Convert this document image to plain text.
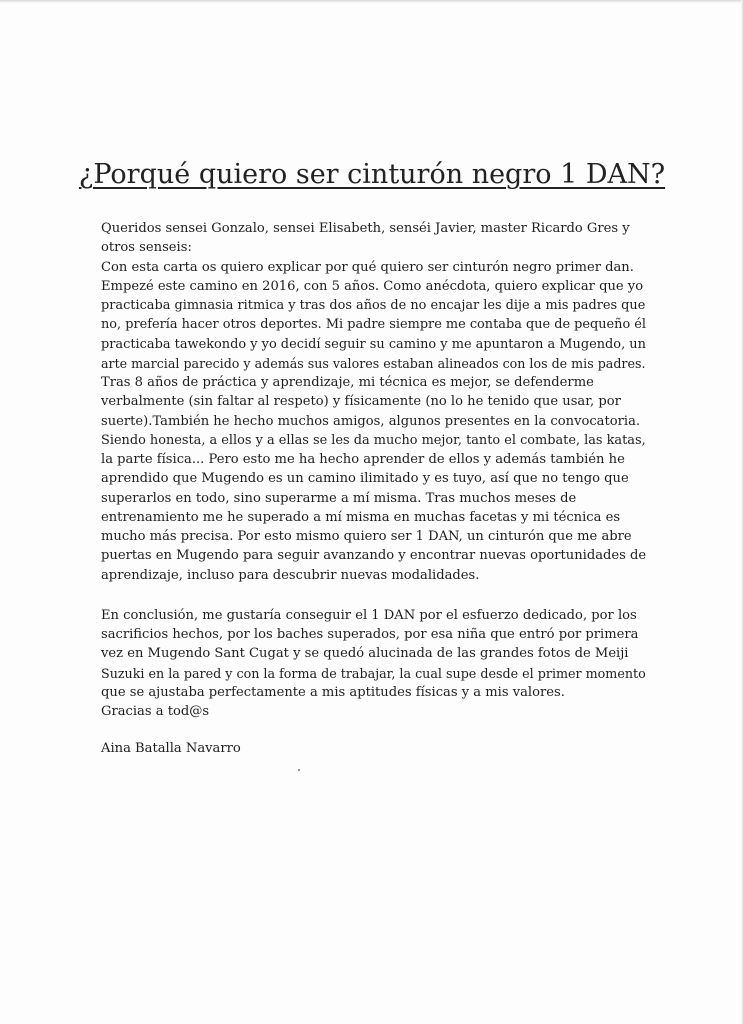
¿Porqué quiero ser cinturón negro 1 DAN?
Queridos sensei Gonzalo, sensei Elisabeth, senséi Javier, master Ricardo Gres y
otros senseis:
Con esta carta os quiero explicar por qué quiero ser cinturón negro primer dan.
Empezé este camino en 2016, con 5 años. Como anécdota, quiero explicar que yo
practicaba gimnasia ritmica y tras dos años de no encajar les dije a mis padres que
no, prefería hacer otros deportes. Mi padre siempre me contaba que de pequeño él
practicaba tawekondo y yo decidí seguir su camino y me apuntaron a Mugendo, un
arte marcial parecido y además sus valores estaban alineados con los de mis padres.
Tras 8 años de práctica y aprendizaje, mi técnica es mejor, se defenderme
verbalmente (sin faltar al respeto) y físicamente (no lo he tenido que usar, por
suerte).También he hecho muchos amigos, algunos presentes en la convocatoria.
Siendo honesta, a ellos y a ellas se les da mucho mejor, tanto el combate, las katas,
la parte física... Pero esto me ha hecho aprender de ellos y además también he
aprendido que Mugendo es un camino ilimitado y es tuyo, así que no tengo que
superarlos en todo, sino superarme a mí misma. Tras muchos meses de
entrenamiento me he superado a mí misma en muchas facetas y mi técnica es
mucho más precisa. Por esto mismo quiero ser 1 DAN, un cinturón que me abre
puertas en Mugendo para seguir avanzando y encontrar nuevas oportunidades de
aprendizaje, incluso para descubrir nuevas modalidades.
En conclusión, me gustaría conseguir el 1 DAN por el esfuerzo dedicado, por los
sacrificios hechos, por los baches superados, por esa niña que entró por primera
vez en Mugendo Sant Cugat y se quedó alucinada de las grandes fotos de Meiji
Suzuki en la pared y con la forma de trabajar, la cual supe desde el primer momento
que se ajustaba perfectamente a mis aptitudes físicas y a mis valores.
Gracias a tod@s
Aina Batalla Navarro
